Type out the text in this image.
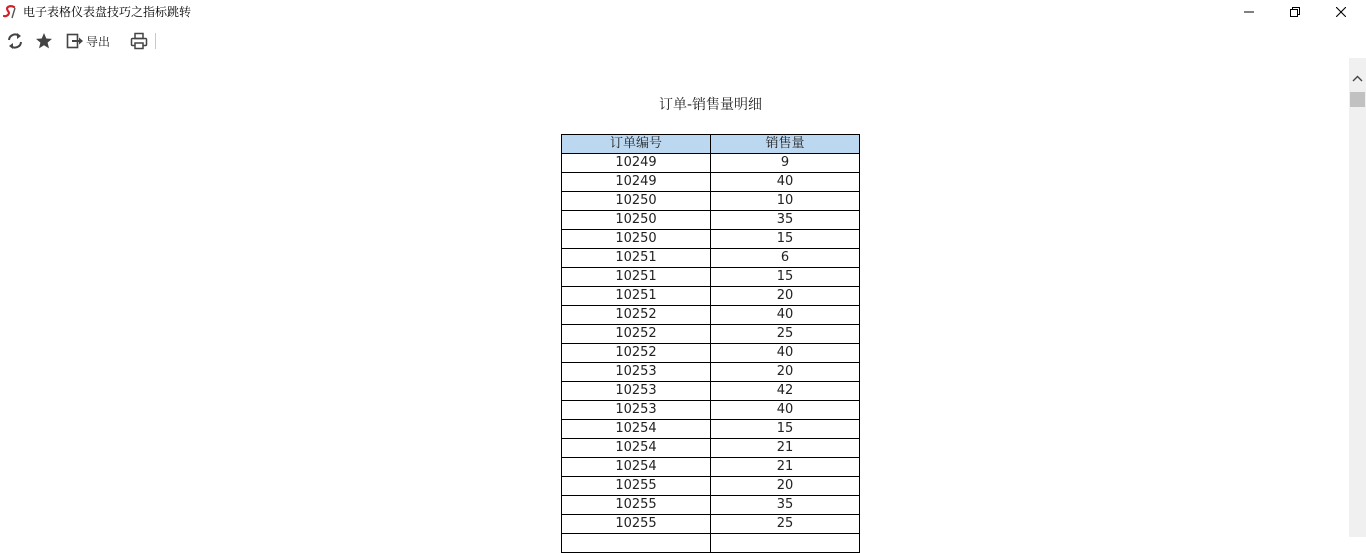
电子表格仪表盘技巧之指标跳转
导出
订单-销售量明细
订单编号	销售量
10249	9
10249	40
10250	10
10250	35
10250	15
10251	6
10251	15
10251	20
10252	40
10252	25
10252	40
10253	20
10253	42
10253	40
10254	15
10254	21
10254	21
10255	20
10255	35
10255	25
